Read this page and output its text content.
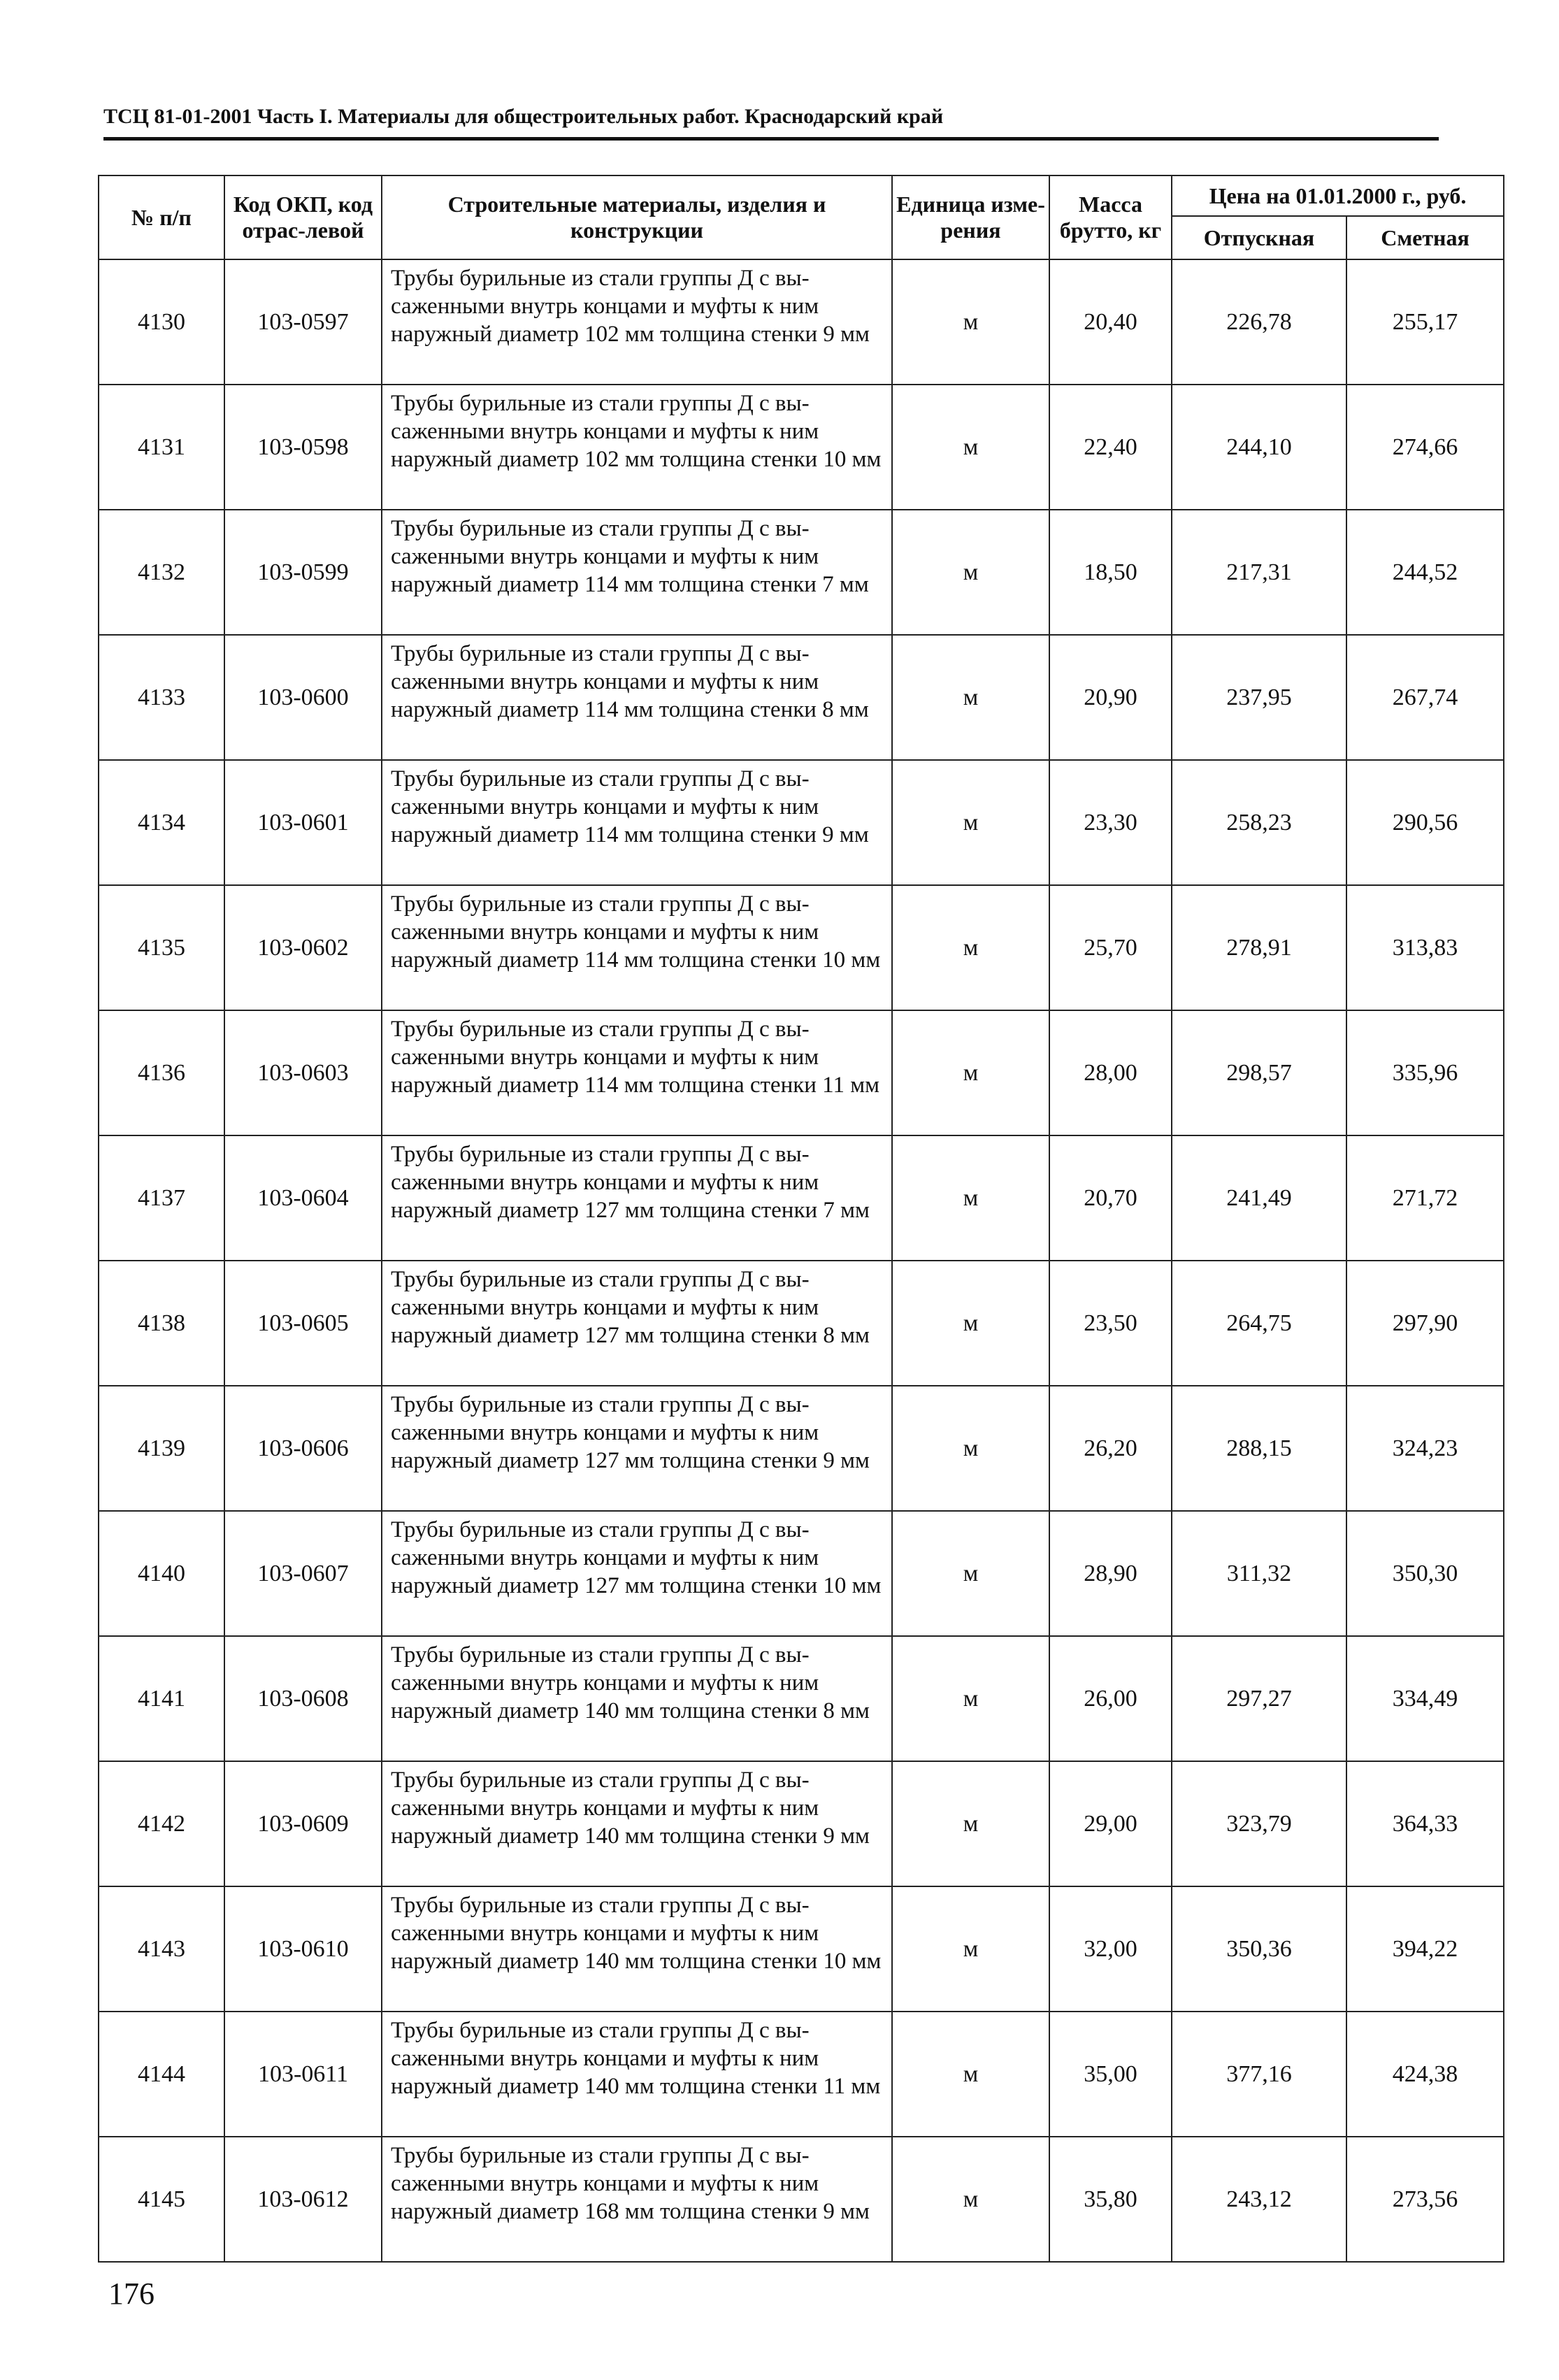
ТСЦ 81-01-2001 Часть I. Материалы для общестроительных работ. Краснодарский край
№ п/п	Код ОКП, код отрас-левой	Строительные материалы, изделия и конструкции	Единица изме-рения	Масса брутто, кг	Цена на 01.01.2000 г., руб.	
					Отпускная	Сметная
4130	103-0597	Трубы бурильные из стали группы Д с вы-саженными внутрь концами и муфты к ним наружный диаметр 102 мм толщина стенки 9 мм	м	20,40	226,78	255,17
4131	103-0598	Трубы бурильные из стали группы Д с вы-саженными внутрь концами и муфты к ним наружный диаметр 102 мм толщина стенки 10 мм	м	22,40	244,10	274,66
4132	103-0599	Трубы бурильные из стали группы Д с вы-саженными внутрь концами и муфты к ним наружный диаметр 114 мм толщина стенки 7 мм	м	18,50	217,31	244,52
4133	103-0600	Трубы бурильные из стали группы Д с вы-саженными внутрь концами и муфты к ним наружный диаметр 114 мм толщина стенки 8 мм	м	20,90	237,95	267,74
4134	103-0601	Трубы бурильные из стали группы Д с вы-саженными внутрь концами и муфты к ним наружный диаметр 114 мм толщина стенки 9 мм	м	23,30	258,23	290,56
4135	103-0602	Трубы бурильные из стали группы Д с вы-саженными внутрь концами и муфты к ним наружный диаметр 114 мм толщина стенки 10 мм	м	25,70	278,91	313,83
4136	103-0603	Трубы бурильные из стали группы Д с вы-саженными внутрь концами и муфты к ним наружный диаметр 114 мм толщина стенки 11 мм	м	28,00	298,57	335,96
4137	103-0604	Трубы бурильные из стали группы Д с вы-саженными внутрь концами и муфты к ним наружный диаметр 127 мм толщина стенки 7 мм	м	20,70	241,49	271,72
4138	103-0605	Трубы бурильные из стали группы Д с вы-саженными внутрь концами и муфты к ним наружный диаметр 127 мм толщина стенки 8 мм	м	23,50	264,75	297,90
4139	103-0606	Трубы бурильные из стали группы Д с вы-саженными внутрь концами и муфты к ним наружный диаметр 127 мм толщина стенки 9 мм	м	26,20	288,15	324,23
4140	103-0607	Трубы бурильные из стали группы Д с вы-саженными внутрь концами и муфты к ним наружный диаметр 127 мм толщина стенки 10 мм	м	28,90	311,32	350,30
4141	103-0608	Трубы бурильные из стали группы Д с вы-саженными внутрь концами и муфты к ним наружный диаметр 140 мм толщина стенки 8 мм	м	26,00	297,27	334,49
4142	103-0609	Трубы бурильные из стали группы Д с вы-саженными внутрь концами и муфты к ним наружный диаметр 140 мм толщина стенки 9 мм	м	29,00	323,79	364,33
4143	103-0610	Трубы бурильные из стали группы Д с вы-саженными внутрь концами и муфты к ним наружный диаметр 140 мм толщина стенки 10 мм	м	32,00	350,36	394,22
4144	103-0611	Трубы бурильные из стали группы Д с вы-саженными внутрь концами и муфты к ним наружный диаметр 140 мм толщина стенки 11 мм	м	35,00	377,16	424,38
4145	103-0612	Трубы бурильные из стали группы Д с вы-саженными внутрь концами и муфты к ним наружный диаметр 168 мм толщина стенки 9 мм	м	35,80	243,12	273,56
176
